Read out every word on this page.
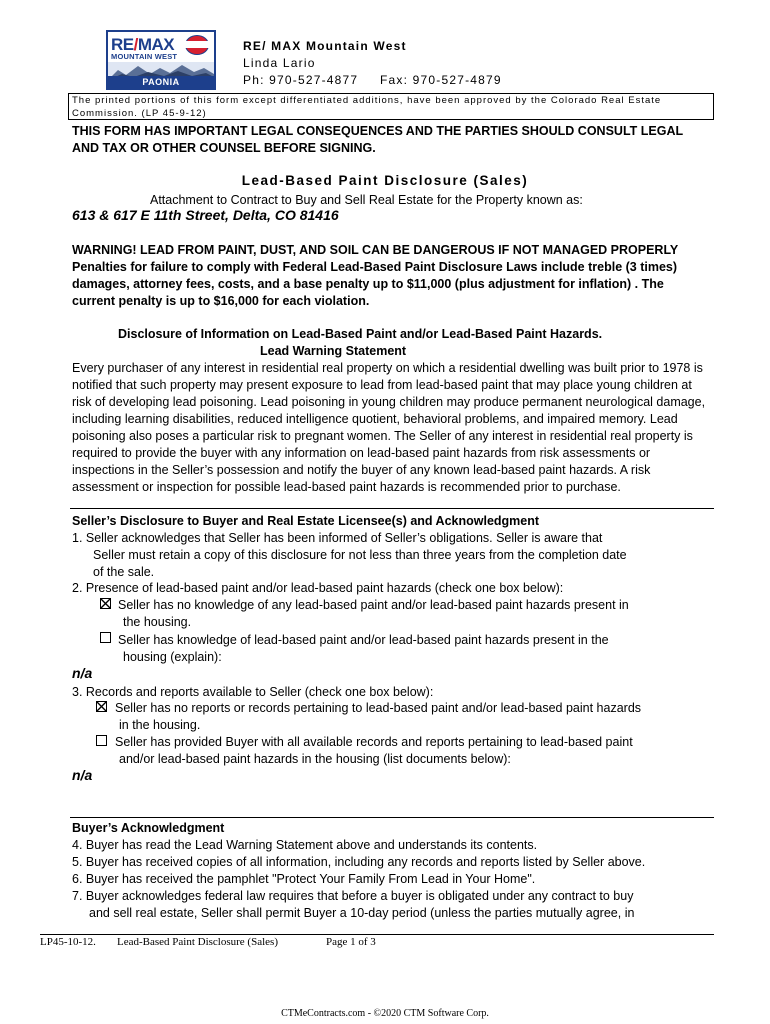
RE/MAX
MOUNTAIN WEST
PAONIA
RE/ MAX Mountain West
Linda Lario
Ph: 970-527-4877 Fax: 970-527-4879
The printed portions of this form except differentiated additions, have been approved by the Colorado Real Estate
Commission. (LP 45-9-12)
THIS FORM HAS IMPORTANT LEGAL CONSEQUENCES AND THE PARTIES SHOULD CONSULT LEGAL
AND TAX OR OTHER COUNSEL BEFORE SIGNING.
Lead-Based Paint Disclosure (Sales)
Attachment to Contract to Buy and Sell Real Estate for the Property known as:
613 & 617 E 11th Street, Delta, CO 81416
WARNING! LEAD FROM PAINT, DUST, AND SOIL CAN BE DANGEROUS IF NOT MANAGED PROPERLY
Penalties for failure to comply with Federal Lead-Based Paint Disclosure Laws include treble (3 times)
damages, attorney fees, costs, and a base penalty up to $11,000 (plus adjustment for inflation) . The
current penalty is up to $16,000 for each violation.
Disclosure of Information on Lead-Based Paint and/or Lead-Based Paint Hazards.
Lead Warning Statement
Every purchaser of any interest in residential real property on which a residential dwelling was built prior to 1978 is
notified that such property may present exposure to lead from lead-based paint that may place young children at
risk of developing lead poisoning. Lead poisoning in young children may produce permanent neurological damage,
including learning disabilities, reduced intelligence quotient, behavioral problems, and impaired memory. Lead
poisoning also poses a particular risk to pregnant women. The Seller of any interest in residential real property is
required to provide the buyer with any information on lead-based paint hazards from risk assessments or
inspections in the Seller’s possession and notify the buyer of any known lead-based paint hazards. A risk
assessment or inspection for possible lead-based paint hazards is recommended prior to purchase.
Seller’s Disclosure to Buyer and Real Estate Licensee(s) and Acknowledgment
1. Seller acknowledges that Seller has been informed of Seller’s obligations. Seller is aware that
Seller must retain a copy of this disclosure for not less than three years from the completion date
of the sale.
2. Presence of lead-based paint and/or lead-based paint hazards (check one box below):
Seller has no knowledge of any lead-based paint and/or lead-based paint hazards present in
the housing.
Seller has knowledge of lead-based paint and/or lead-based paint hazards present in the
housing (explain):
n/a
3. Records and reports available to Seller (check one box below):
Seller has no reports or records pertaining to lead-based paint and/or lead-based paint hazards
in the housing.
Seller has provided Buyer with all available records and reports pertaining to lead-based paint
and/or lead-based paint hazards in the housing (list documents below):
n/a
Buyer’s Acknowledgment
4. Buyer has read the Lead Warning Statement above and understands its contents.
5. Buyer has received copies of all information, including any records and reports listed by Seller above.
6. Buyer has received the pamphlet "Protect Your Family From Lead in Your Home".
7. Buyer acknowledges federal law requires that before a buyer is obligated under any contract to buy
and sell real estate, Seller shall permit Buyer a 10-day period (unless the parties mutually agree, in
LP45-10-12. Lead-Based Paint Disclosure (Sales)	Page 1 of 3
CTMeContracts.com - ©2020 CTM Software Corp.
